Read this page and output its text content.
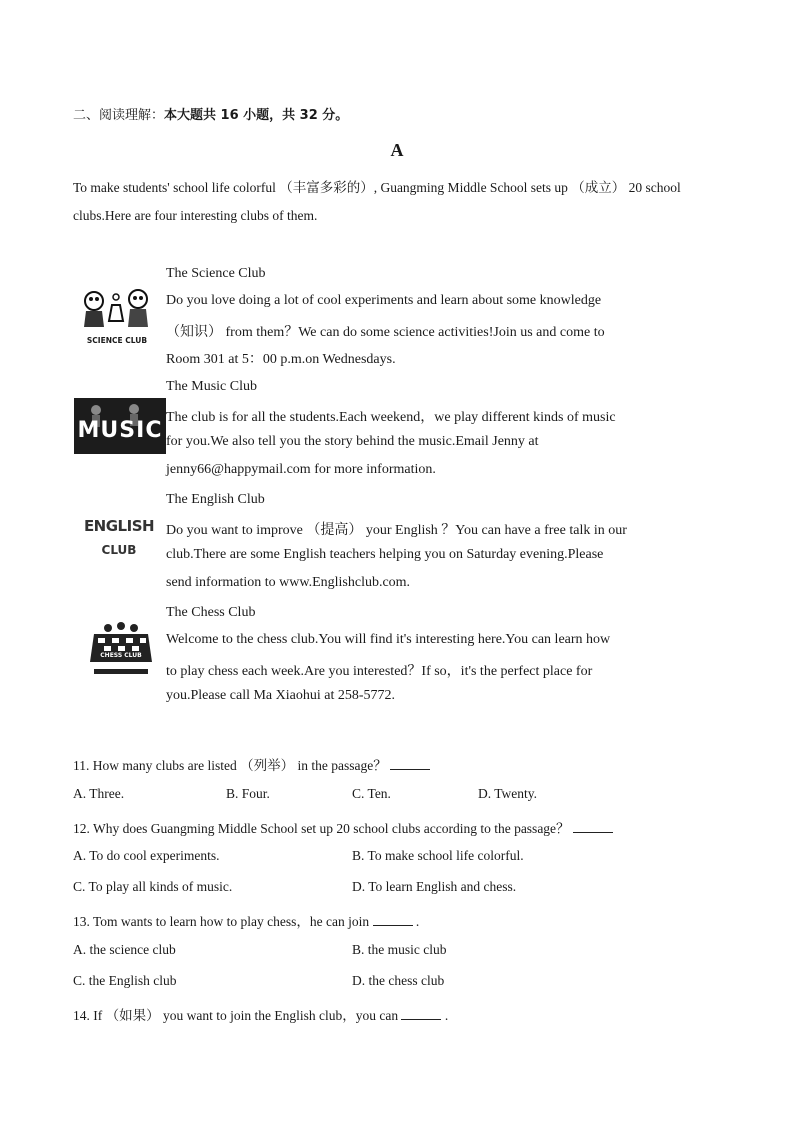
二、阅读理解：本大题共 16 小题，共 32 分。
A
To make students' school life colorful （丰富多彩的）, Guangming Middle School sets up （成立） 20 school
clubs.Here are four interesting clubs of them.
SCIENCE CLUB
The Science Club
Do you love doing a lot of cool experiments and learn about some knowledge
（知识） from them？We can do some science activities!Join us and come to
Room 301 at 5：00 p.m.on Wednesdays.
MUSIC
The Music Club
The club is for all the students.Each weekend，we play different kinds of music
for you.We also tell you the story behind the music.Email Jenny at
jenny66@happymail.com for more information.
ENGLISH
CLUB
The English Club
Do you want to improve （提高） your English ？You can have a free talk in our
club.There are some English teachers helping you on Saturday evening.Please
send information to www.Englishclub.com.
CHESS CLUB
The Chess Club
Welcome to the chess club.You will find it's interesting here.You can learn how
to play chess each week.Are you interested？If so，it's the perfect place for
you.Please call Ma Xiaohui at 258-5772.
11. How many clubs are listed （列举） in the passage？
A. Three.	B. Four.	C. Ten.	D. Twenty.
12. Why does Guangming Middle School set up 20 school clubs according to the passage？
A. To do cool experiments.	B. To make school life colorful.
C. To play all kinds of music.	D. To learn English and chess.
13. Tom wants to learn how to play chess，he can join	.
A. the science club	B. the music club
C. the English club	D. the chess club
14. If （如果） you want to join the English club，you can	.
